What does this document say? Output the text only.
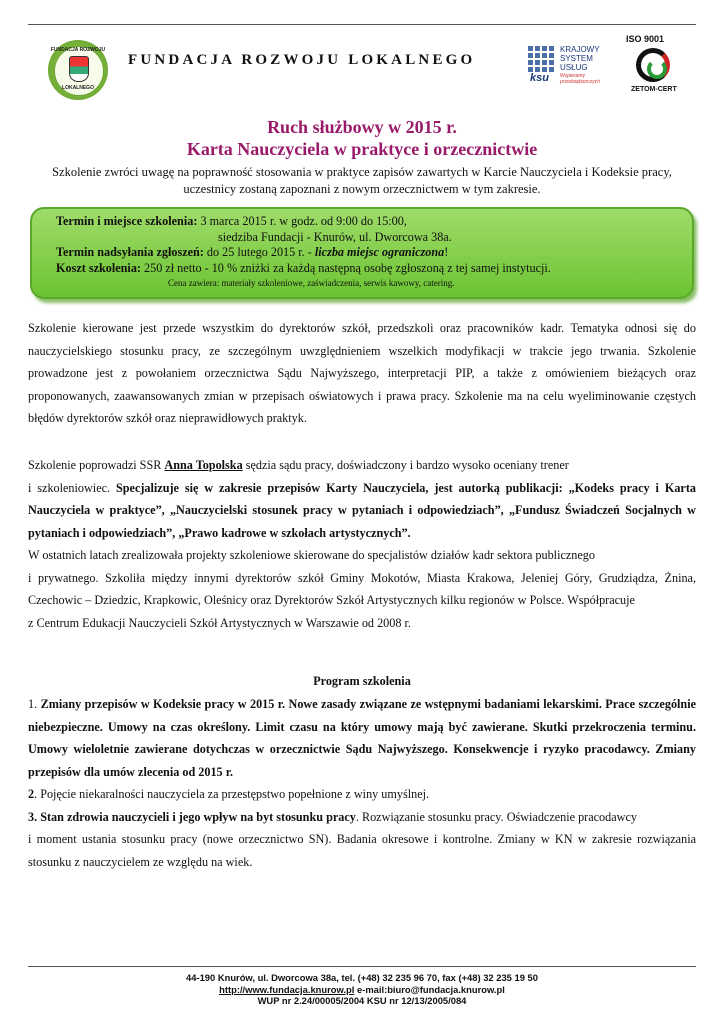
FUNDACJA ROZWOJU
LOKALNEGO
FUNDACJA ROZWOJU LOKALNEGO
ksu
KRAJOWY
SYSTEM
USŁUG
Wspieramy przedsiębiorczych
ISO 9001
ZETOM-CERT
Ruch służbowy w 2015 r.
Karta Nauczyciela w praktyce i orzecznictwie
Szkolenie zwróci uwagę na poprawność stosowania w praktyce zapisów zawartych w Karcie Nauczyciela i Kodeksie pracy, uczestnicy zostaną zapoznani z nowym orzecznictwem w tym zakresie.
Termin i miejsce szkolenia: 3 marca 2015 r. w godz. od 9:00 do 15:00,
siedziba Fundacji - Knurów, ul. Dworcowa 38a.
Termin nadsyłania zgłoszeń: do 25 lutego 2015 r. - liczba miejsc ograniczona!
Koszt szkolenia: 250 zł netto - 10 % zniżki za każdą następną osobę zgłoszoną z tej samej instytucji.
Cena zawiera: materiały szkoleniowe, zaświadczenia, serwis kawowy, catering.
Szkolenie kierowane jest przede wszystkim do dyrektorów szkół, przedszkoli oraz pracowników kadr. Tematyka odnosi się do nauczycielskiego stosunku pracy, ze szczególnym uwzględnieniem wszelkich modyfikacji w trakcie jego trwania. Szkolenie prowadzone jest z powołaniem orzecznictwa Sądu Najwyższego, interpretacji PIP, a także z omówieniem bieżących oraz proponowanych, zaawansowanych zmian w przepisach oświatowych i prawa pracy. Szkolenie ma na celu wyeliminowanie częstych błędów dyrektorów szkół oraz nieprawidłowych praktyk.
Szkolenie poprowadzi SSR Anna Topolska sędzia sądu pracy, doświadczony i bardzo wysoko oceniany trener
i szkoleniowiec. Specjalizuje się w zakresie przepisów Karty Nauczyciela, jest autorką publikacji: „Kodeks pracy i Karta Nauczyciela w praktyce”, „Nauczycielski stosunek pracy w pytaniach i odpowiedziach”, „Fundusz Świadczeń Socjalnych w pytaniach i odpowiedziach”, „Prawo kadrowe w szkołach artystycznych”.
W ostatnich latach zrealizowała projekty szkoleniowe skierowane do specjalistów działów kadr sektora publicznego
i prywatnego. Szkoliła między innymi dyrektorów szkół Gminy Mokotów, Miasta Krakowa, Jeleniej Góry, Grudziądza, Żnina, Czechowic – Dziedzic, Krapkowic, Oleśnicy oraz Dyrektorów Szkół Artystycznych kilku regionów w Polsce. Współpracuje
z Centrum Edukacji Nauczycieli Szkół Artystycznych w Warszawie od 2008 r.
Program szkolenia
1. Zmiany przepisów w Kodeksie pracy w 2015 r. Nowe zasady związane ze wstępnymi badaniami lekarskimi. Prace szczególnie niebezpieczne. Umowy na czas określony. Limit czasu na który umowy mają być zawierane. Skutki przekroczenia terminu. Umowy wieloletnie zawierane dotychczas w orzecznictwie Sądu Najwyższego. Konsekwencje i ryzyko pracodawcy. Zmiany przepisów dla umów zlecenia od 2015 r.
2. Pojęcie niekaralności nauczyciela za przestępstwo popełnione z winy umyślnej.
3. Stan zdrowia nauczycieli i jego wpływ na byt stosunku pracy. Rozwiązanie stosunku pracy. Oświadczenie pracodawcy
i moment ustania stosunku pracy (nowe orzecznictwo SN). Badania okresowe i kontrolne. Zmiany w KN w zakresie rozwiązania stosunku z nauczycielem ze względu na wiek.
44-190 Knurów, ul. Dworcowa 38a, tel. (+48) 32 235 96 70, fax (+48) 32 235 19 50
http://www.fundacja.knurow.pl e-mail:biuro@fundacja.knurow.pl
WUP nr 2.24/00005/2004 KSU nr 12/13/2005/084
